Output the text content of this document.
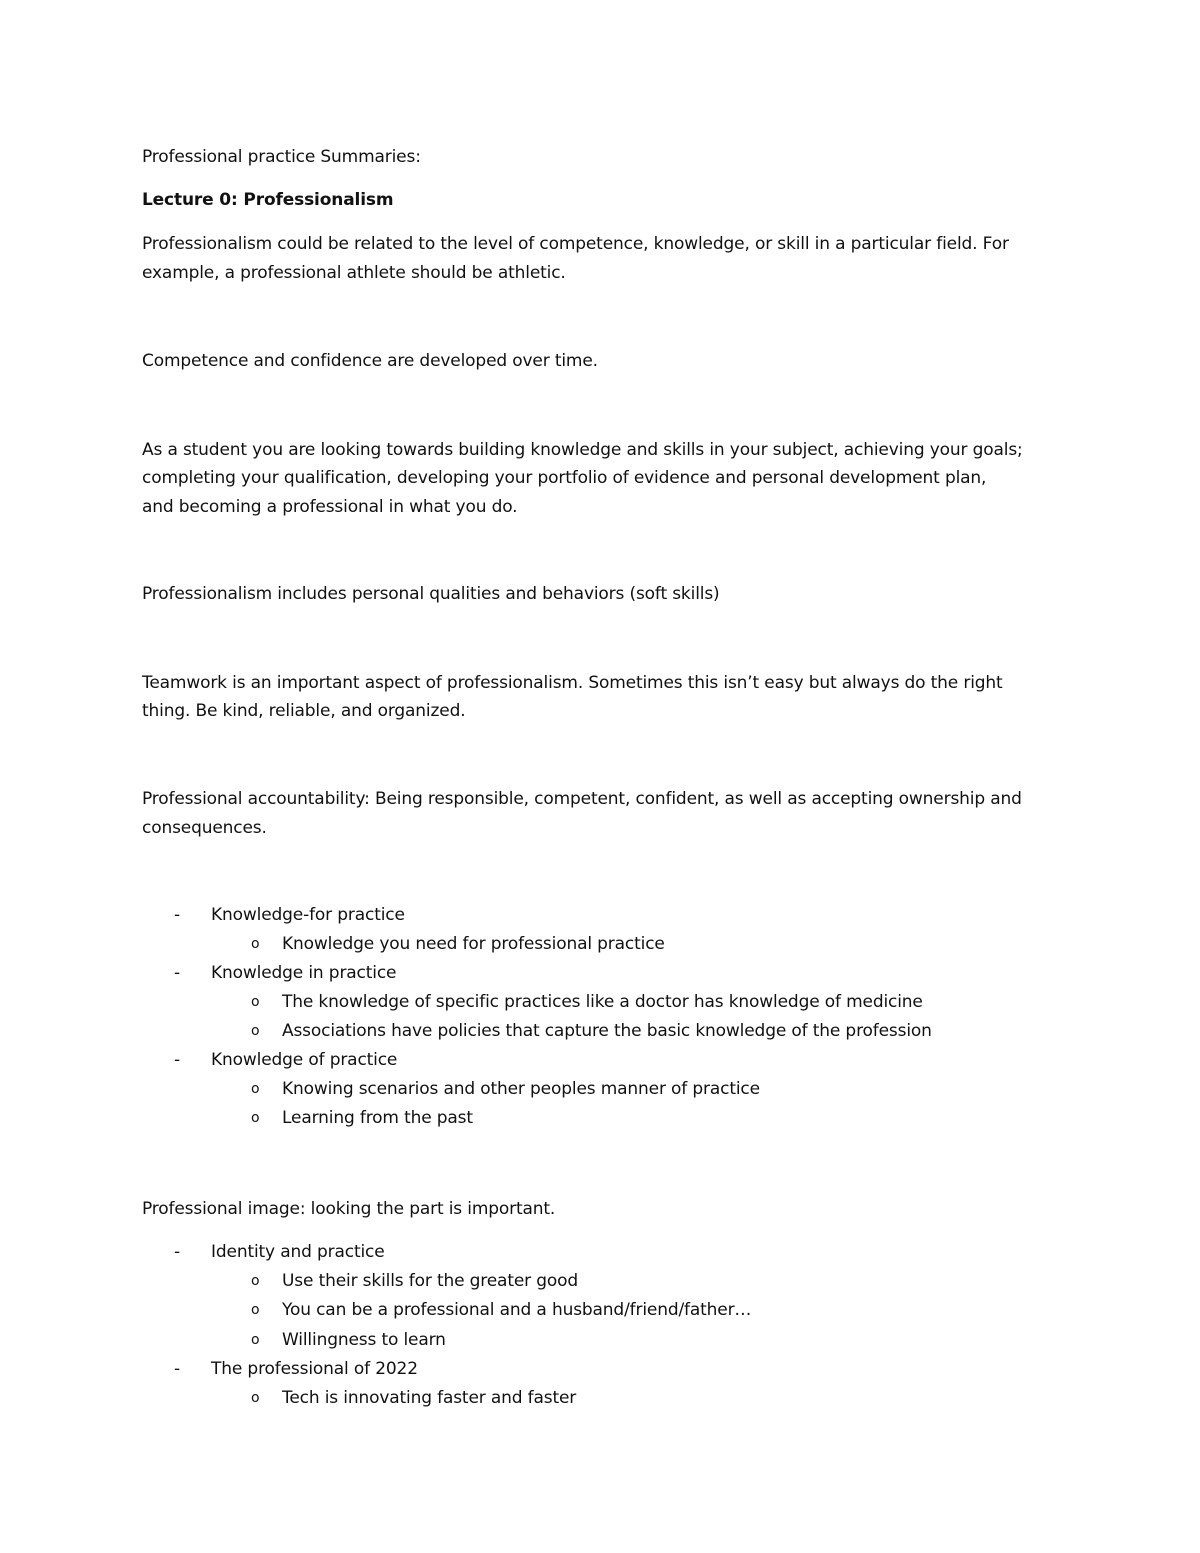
Professional practice Summaries:
Lecture 0: Professionalism
Professionalism could be related to the level of competence, knowledge, or skill in a particular field. For
example, a professional athlete should be athletic.
Competence and confidence are developed over time.
As a student you are looking towards building knowledge and skills in your subject, achieving your goals;
completing your qualification, developing your portfolio of evidence and personal development plan,
and becoming a professional in what you do.
Professionalism includes personal qualities and behaviors (soft skills)
Teamwork is an important aspect of professionalism. Sometimes this isn’t easy but always do the right
thing. Be kind, reliable, and organized.
Professional accountability: Being responsible, competent, confident, as well as accepting ownership and
consequences.
- Knowledge-for practice
o Knowledge you need for professional practice
- Knowledge in practice
o The knowledge of specific practices like a doctor has knowledge of medicine
o Associations have policies that capture the basic knowledge of the profession
- Knowledge of practice
o Knowing scenarios and other peoples manner of practice
o Learning from the past
Professional image: looking the part is important.
- Identity and practice
o Use their skills for the greater good
o You can be a professional and a husband/friend/father…
o Willingness to learn
- The professional of 2022
o Tech is innovating faster and faster
